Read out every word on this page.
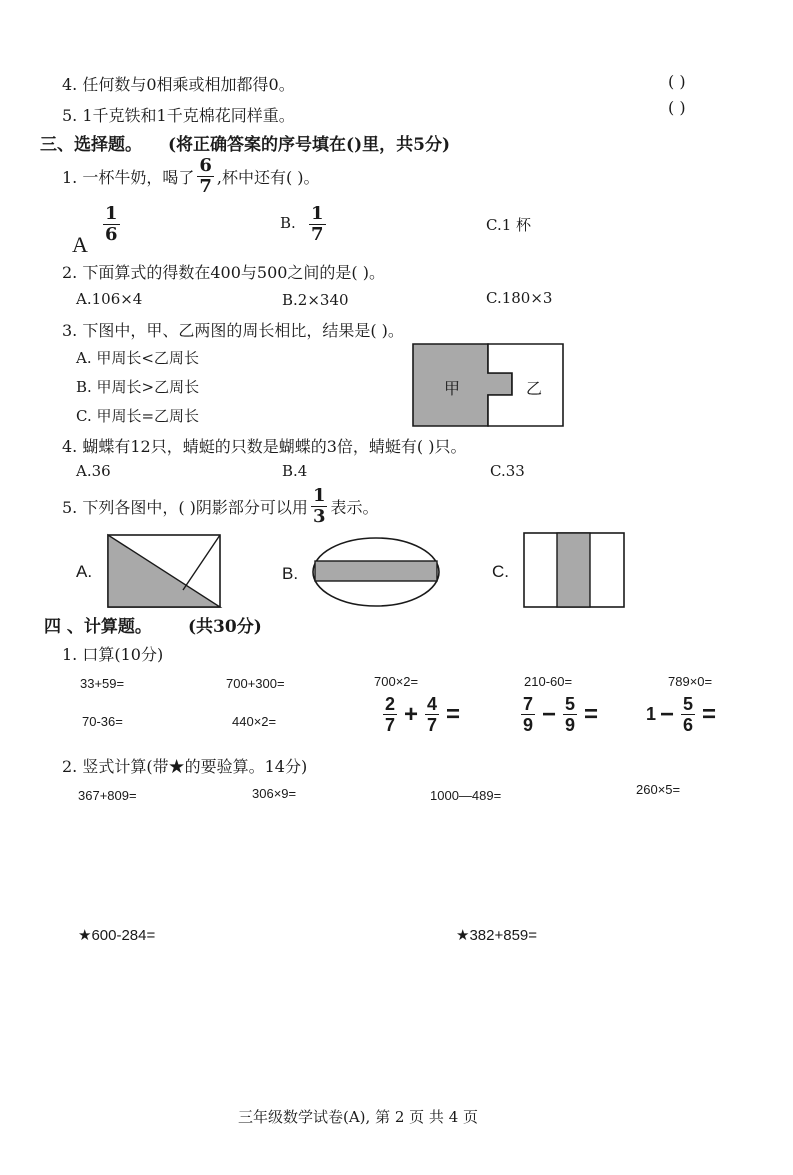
4. 任何数与0相乘或相加都得0。	( )
5. 1千克铁和1千克棉花同样重。	( )
三、选择题。 (将正确答案的序号填在()里，共5分)
1. 一杯牛奶，喝了 $\frac{6}{7}$ ,杯中还有( )。
A $\frac{1}{6}$	B. $\frac{1}{7}$	C.1 杯
2. 下面算式的得数在400与500之间的是( )。
A.106×4	B.2×340	C.180×3
3. 下图中，甲、乙两图的周长相比，结果是( )。
A. 甲周长<乙周长
B. 甲周长>乙周长
C. 甲周长=乙周长
甲	乙
4. 蝴蝶有12只，蜻蜓的只数是蝴蝶的3倍，蜻蜓有( )只。
A.36	B.4	C.33
5. 下列各图中，( )阴影部分可以用 $\frac{1}{3}$ 表示。
A.	B.	C.
四 、计算题。 (共30分)
1. 口算(10分)
33+59=	700+300=	700×2=	210-60=	789×0=
70-36=	440×2=	$\frac{2}{7} + \frac{4}{7}$ =	$\frac{7}{9} - \frac{5}{9}$ =	$1 - \frac{5}{6}$ =
2. 竖式计算(带★的要验算。14分)
367+809=	306×9=	1000—489=	260×5=
★600-284=	★382+859=
三年级数学试卷(A), 第 2 页 共 4 页
